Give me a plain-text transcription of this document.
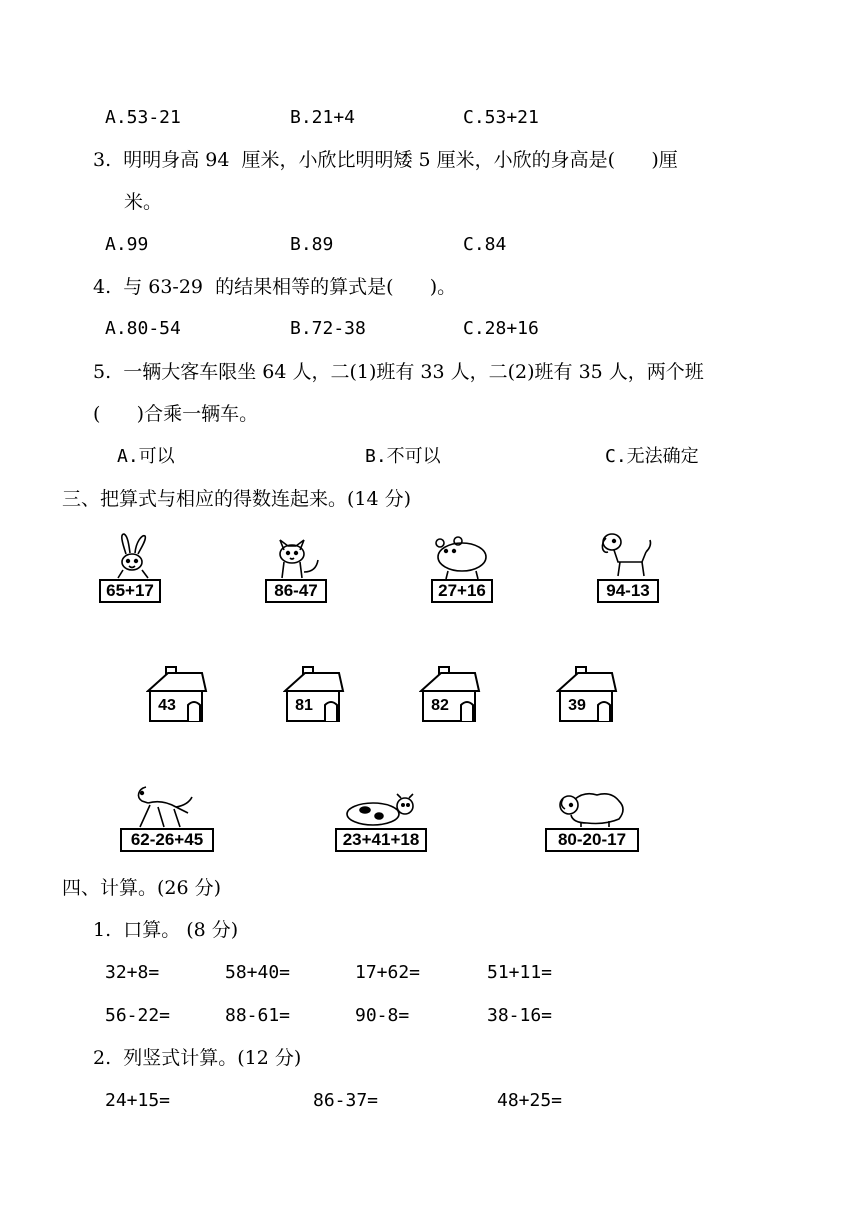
A.53-21	B.21+4	C.53+21
3.  明明身高 94  厘米，小欣比明明矮 5 厘米，小欣的身高是(      )厘
米。
A.99	B.89	C.84
4.  与 63-29  的结果相等的算式是(      )。
A.80-54	B.72-38	C.28+16
5.  一辆大客车限坐 64 人，二(1)班有 33 人，二(2)班有 35 人，两个班
(      )合乘一辆车。
A.可以	B.不可以	C.无法确定
三、把算式与相应的得数连起来。(14 分)
65+17	86-47	27+16	94-13
43	81	82	39
62-26+45	23+41+18	80-20-17
四、计算。(26 分)
1.  口算。 (8 分)
32+8=	58+40=	17+62=	51+11=
56-22=	88-61=	90-8=	38-16=
2.  列竖式计算。(12 分)
24+15=	86-37=	48+25=
